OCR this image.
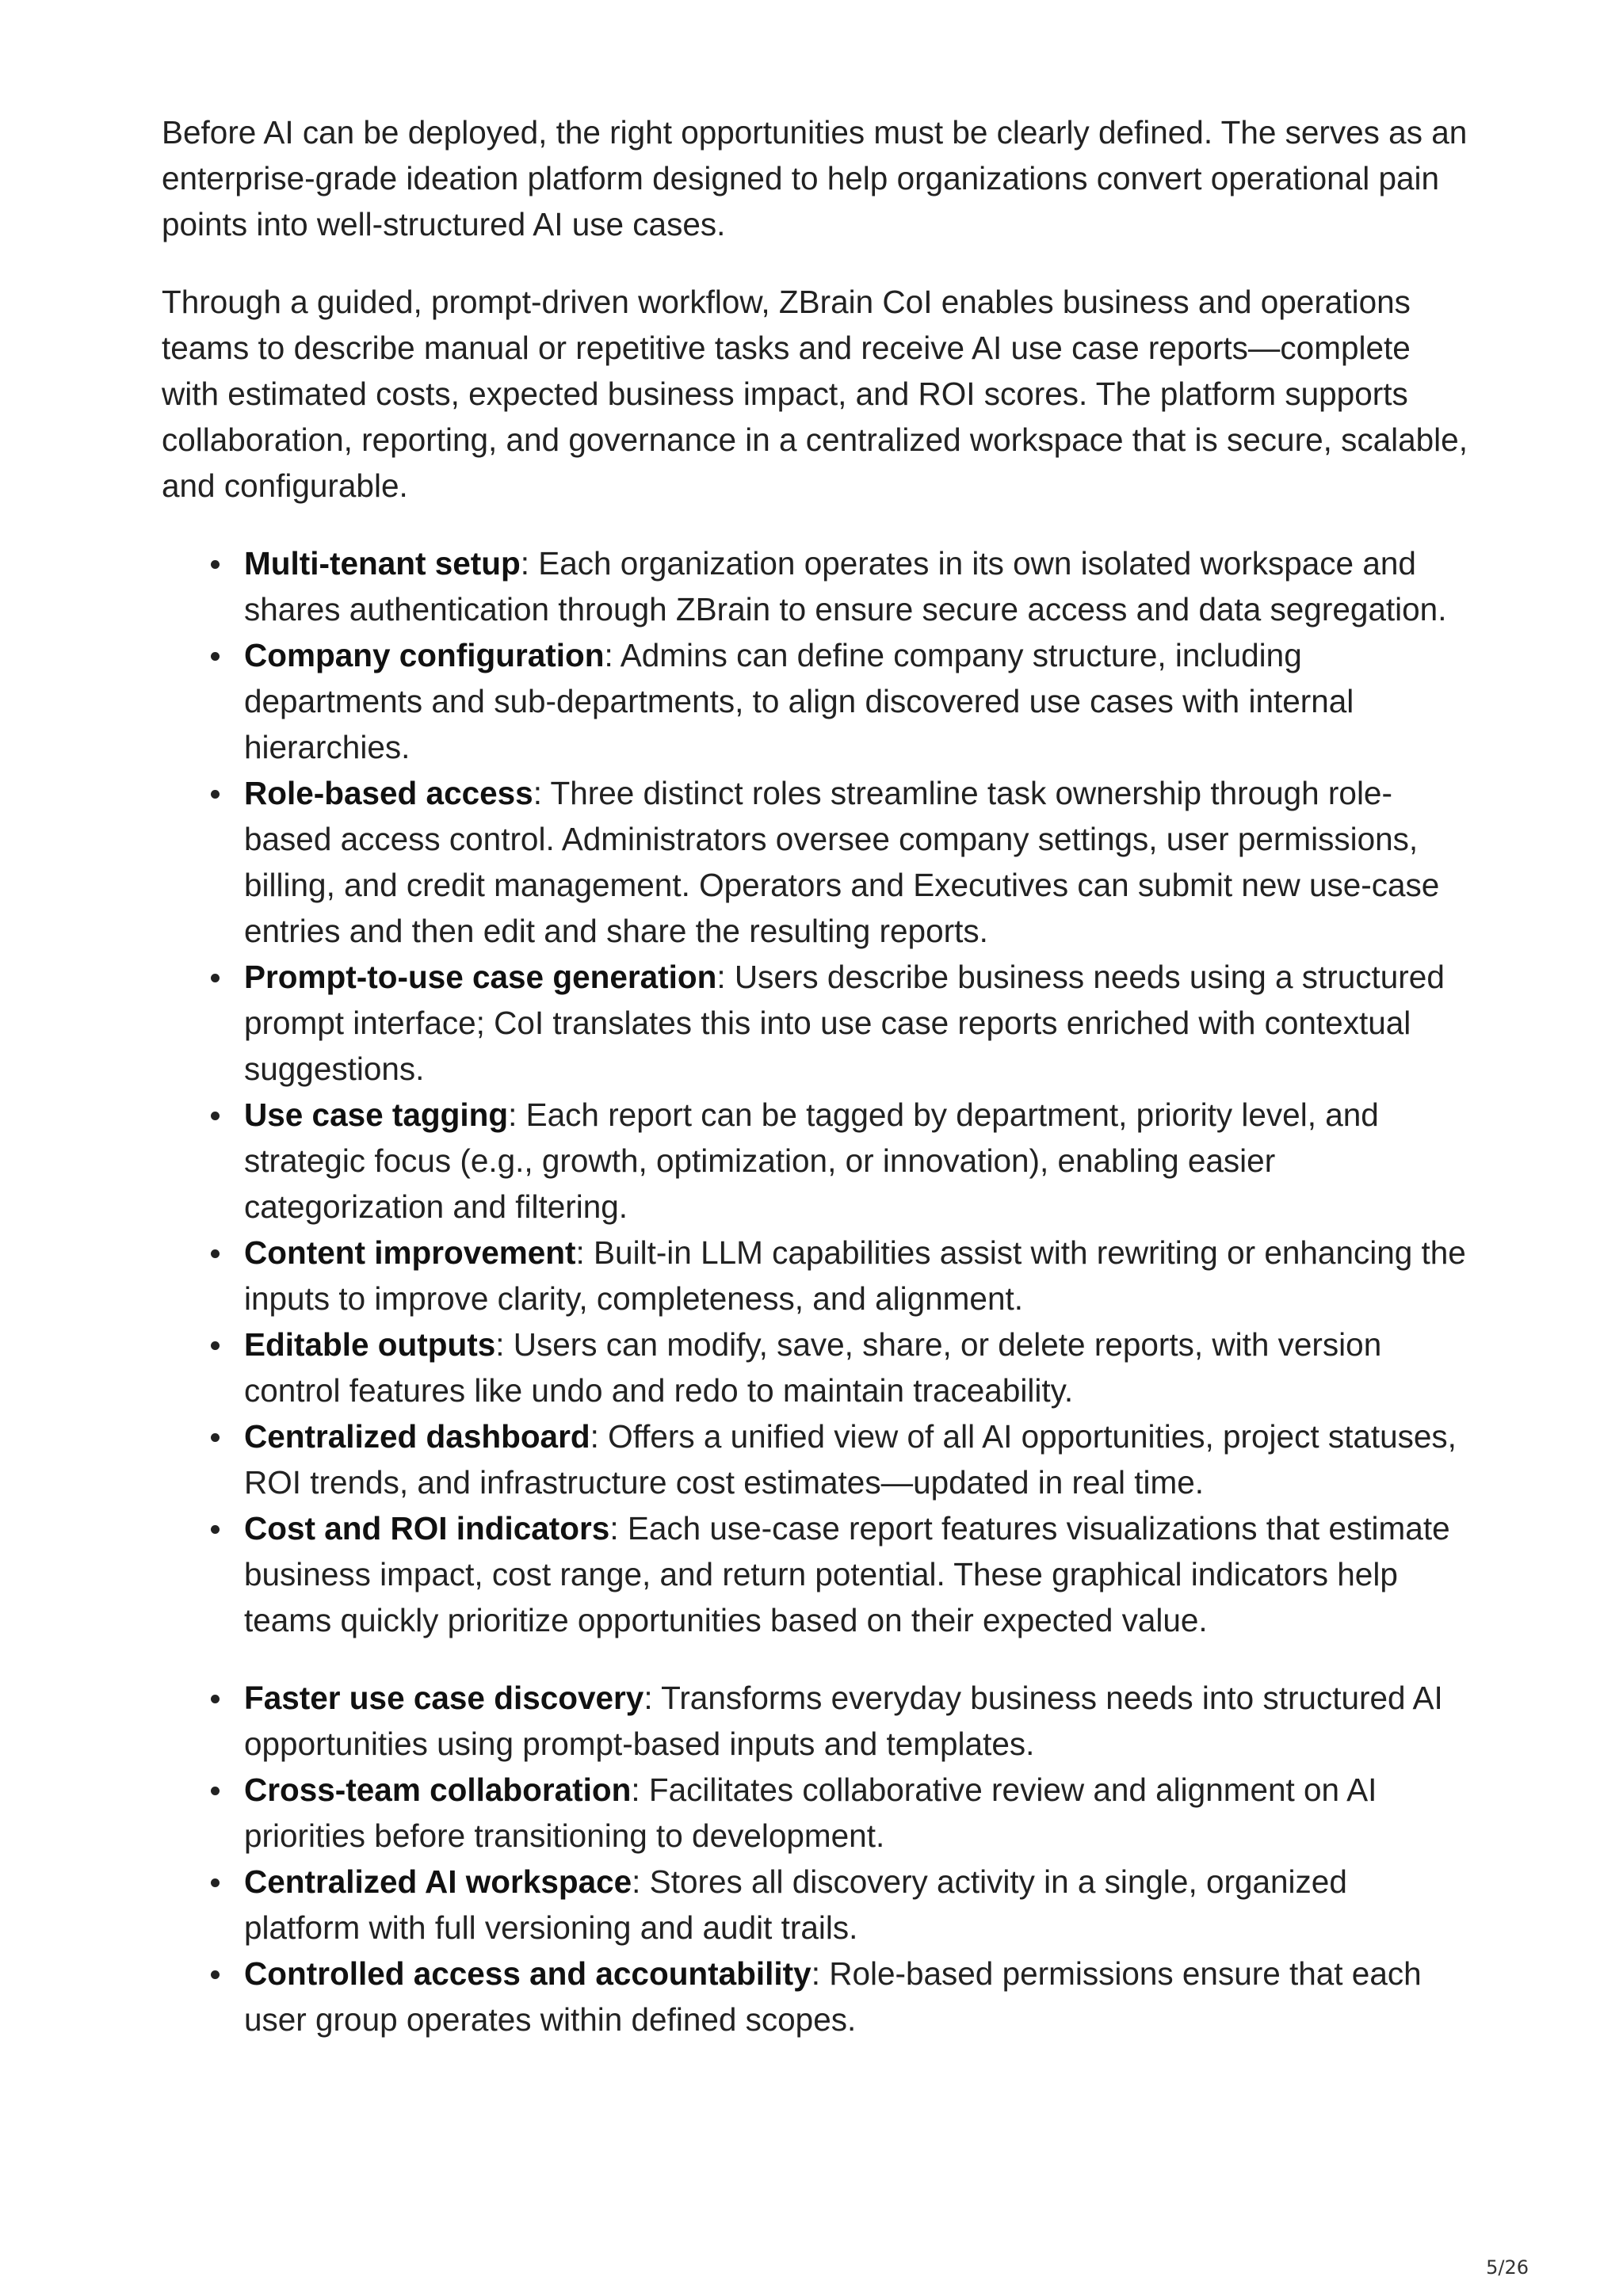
Before AI can be deployed, the right opportunities must be clearly defined. The serves as an enterprise-grade ideation platform designed to help organizations convert operational pain points into well-structured AI use cases.

Through a guided, prompt-driven workflow, ZBrain CoI enables business and operations teams to describe manual or repetitive tasks and receive AI use case reports—complete with estimated costs, expected business impact, and ROI scores. The platform supports collaboration, reporting, and governance in a centralized workspace that is secure, scalable, and configurable.

Multi-tenant setup: Each organization operates in its own isolated workspace and shares authentication through ZBrain to ensure secure access and data segregation.
Company configuration: Admins can define company structure, including departments and sub-departments, to align discovered use cases with internal hierarchies.
Role-based access: Three distinct roles streamline task ownership through role-based access control. Administrators oversee company settings, user permissions, billing, and credit management. Operators and Executives can submit new use-case entries and then edit and share the resulting reports.
Prompt-to-use case generation: Users describe business needs using a structured prompt interface; CoI translates this into use case reports enriched with contextual suggestions.
Use case tagging: Each report can be tagged by department, priority level, and strategic focus (e.g., growth, optimization, or innovation), enabling easier categorization and filtering.
Content improvement: Built-in LLM capabilities assist with rewriting or enhancing the inputs to improve clarity, completeness, and alignment.
Editable outputs: Users can modify, save, share, or delete reports, with version control features like undo and redo to maintain traceability.
Centralized dashboard: Offers a unified view of all AI opportunities, project statuses, ROI trends, and infrastructure cost estimates—updated in real time.
Cost and ROI indicators: Each use-case report features visualizations that estimate business impact, cost range, and return potential. These graphical indicators help teams quickly prioritize opportunities based on their expected value.
Faster use case discovery: Transforms everyday business needs into structured AI opportunities using prompt-based inputs and templates.
Cross-team collaboration: Facilitates collaborative review and alignment on AI priorities before transitioning to development.
Centralized AI workspace: Stores all discovery activity in a single, organized platform with full versioning and audit trails.
Controlled access and accountability: Role-based permissions ensure that each user group operates within defined scopes.
5/26
